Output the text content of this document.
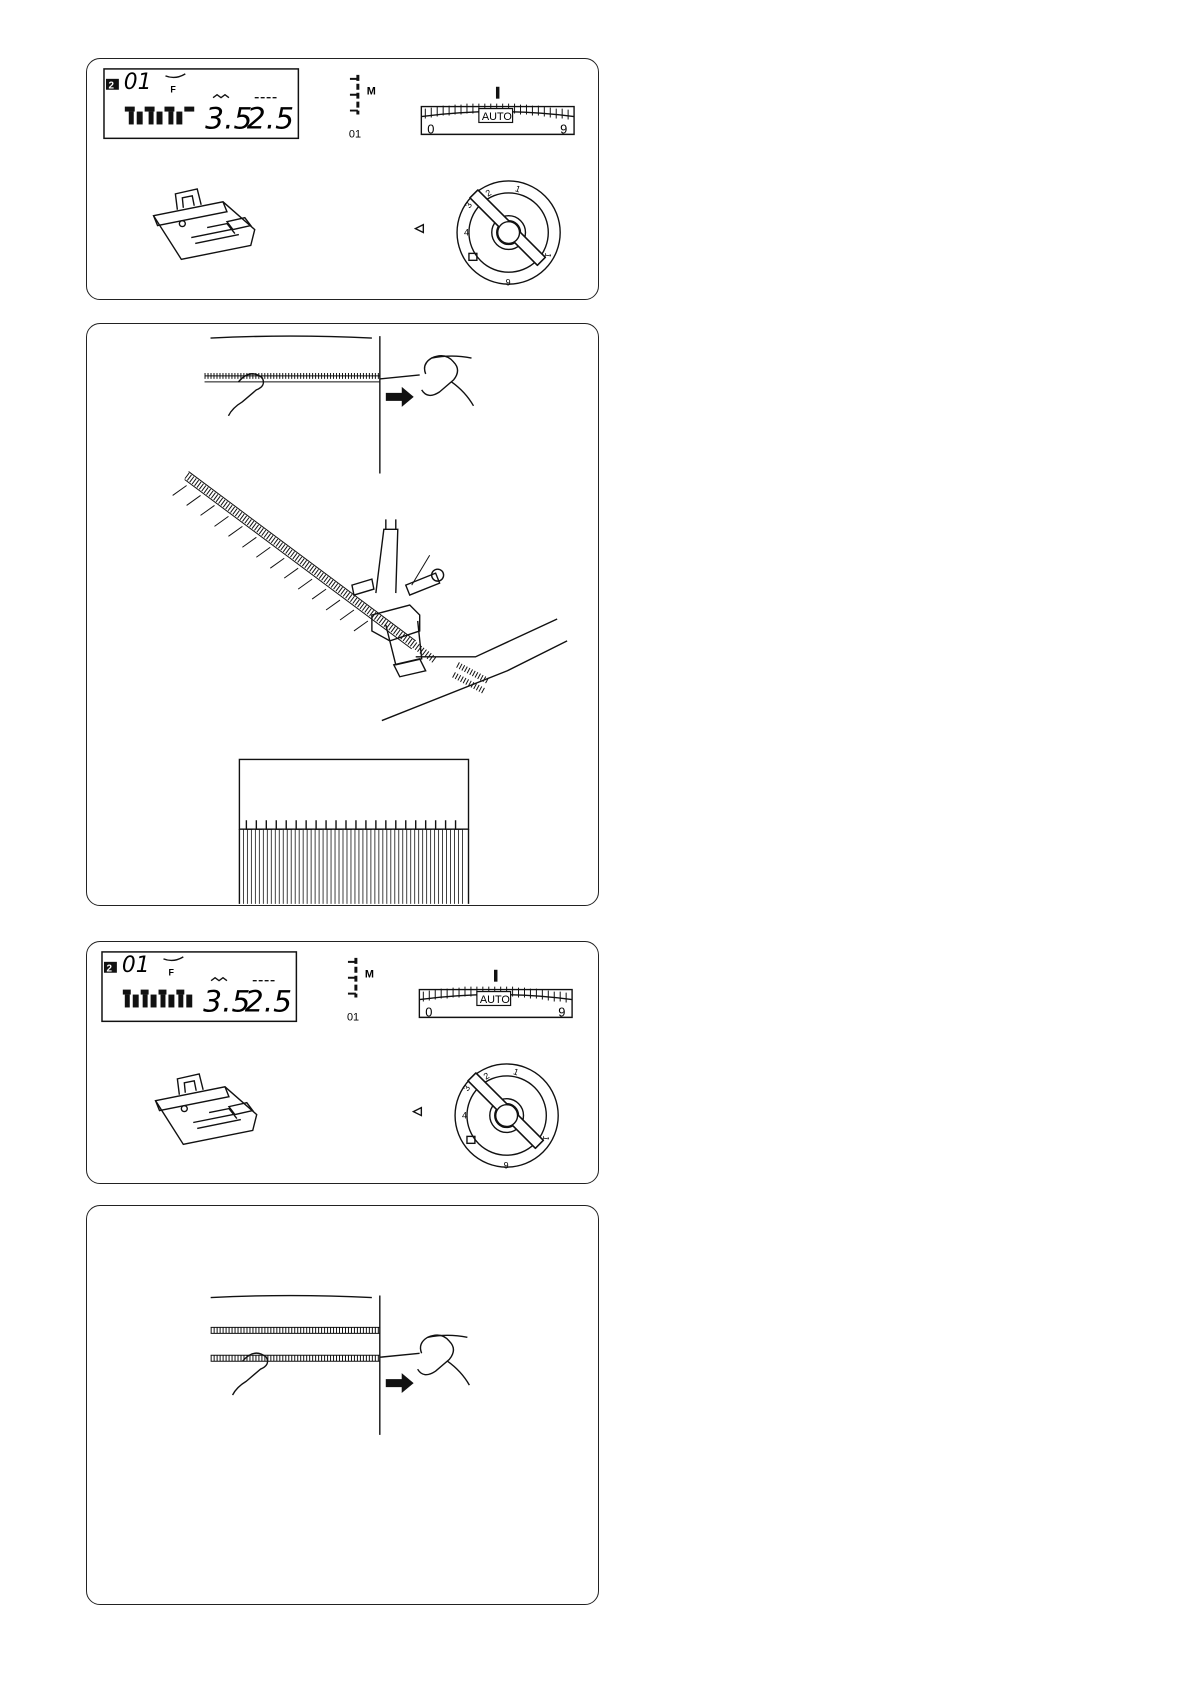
2 01 F
3.5
2.5
M
01
AUTO
0	9
2 1
3
4
1
6
2 01 F
3.5
2.5
M
01
AUTO
0	9
2 1
3
4
1
6
